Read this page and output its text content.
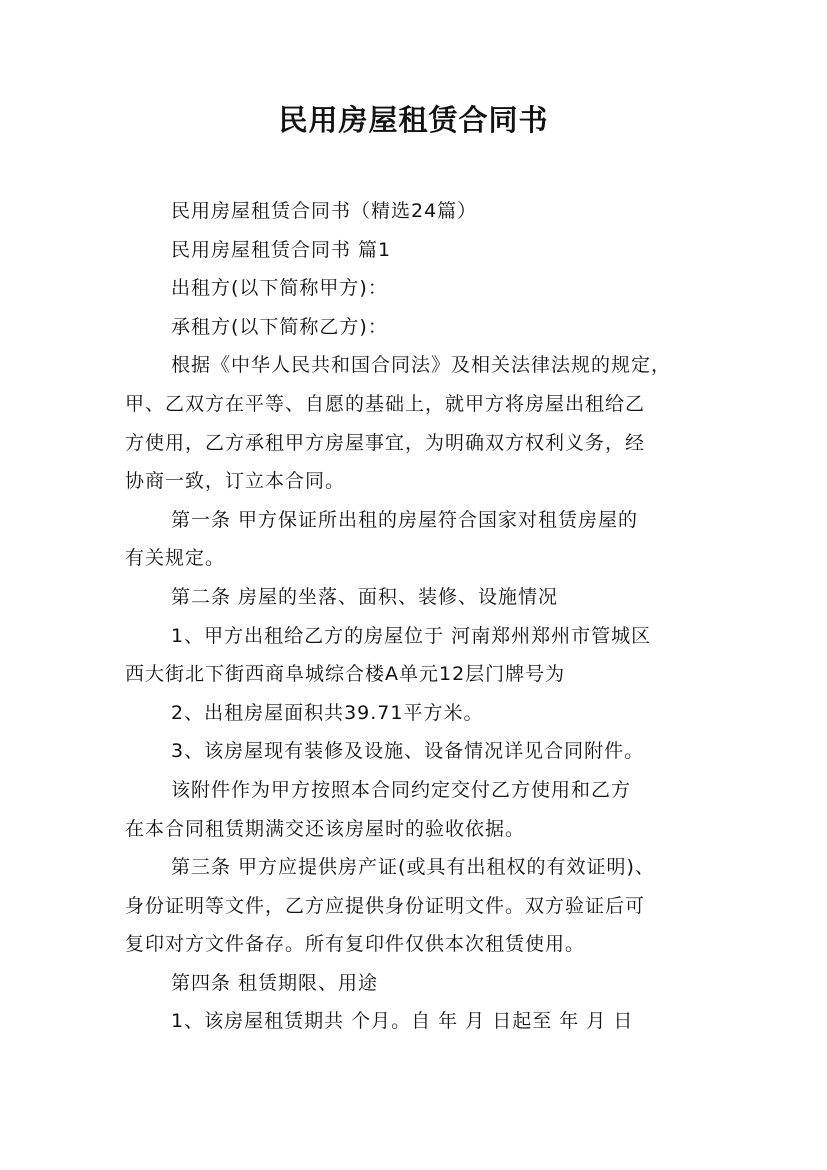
民用房屋租赁合同书

民用房屋租赁合同书（精选24篇）

民用房屋租赁合同书 篇1

出租方(以下简称甲方)：

承租方(以下简称乙方)：

根据《中华人民共和国合同法》及相关法律法规的规定，

甲、乙双方在平等、自愿的基础上，就甲方将房屋出租给乙

方使用，乙方承租甲方房屋事宜，为明确双方权利义务，经

协商一致，订立本合同。

第一条 甲方保证所出租的房屋符合国家对租赁房屋的

有关规定。

第二条 房屋的坐落、面积、装修、设施情况

1、甲方出租给乙方的房屋位于 河南郑州郑州市管城区

西大街北下街西商阜城综合楼A单元12层门牌号为

2、出租房屋面积共39.71平方米。

3、该房屋现有装修及设施、设备情况详见合同附件。

该附件作为甲方按照本合同约定交付乙方使用和乙方

在本合同租赁期满交还该房屋时的验收依据。

第三条 甲方应提供房产证(或具有出租权的有效证明)、

身份证明等文件，乙方应提供身份证明文件。双方验证后可

复印对方文件备存。所有复印件仅供本次租赁使用。

第四条 租赁期限、用途

1、该房屋租赁期共 个月。自 年 月 日起至 年 月 日
